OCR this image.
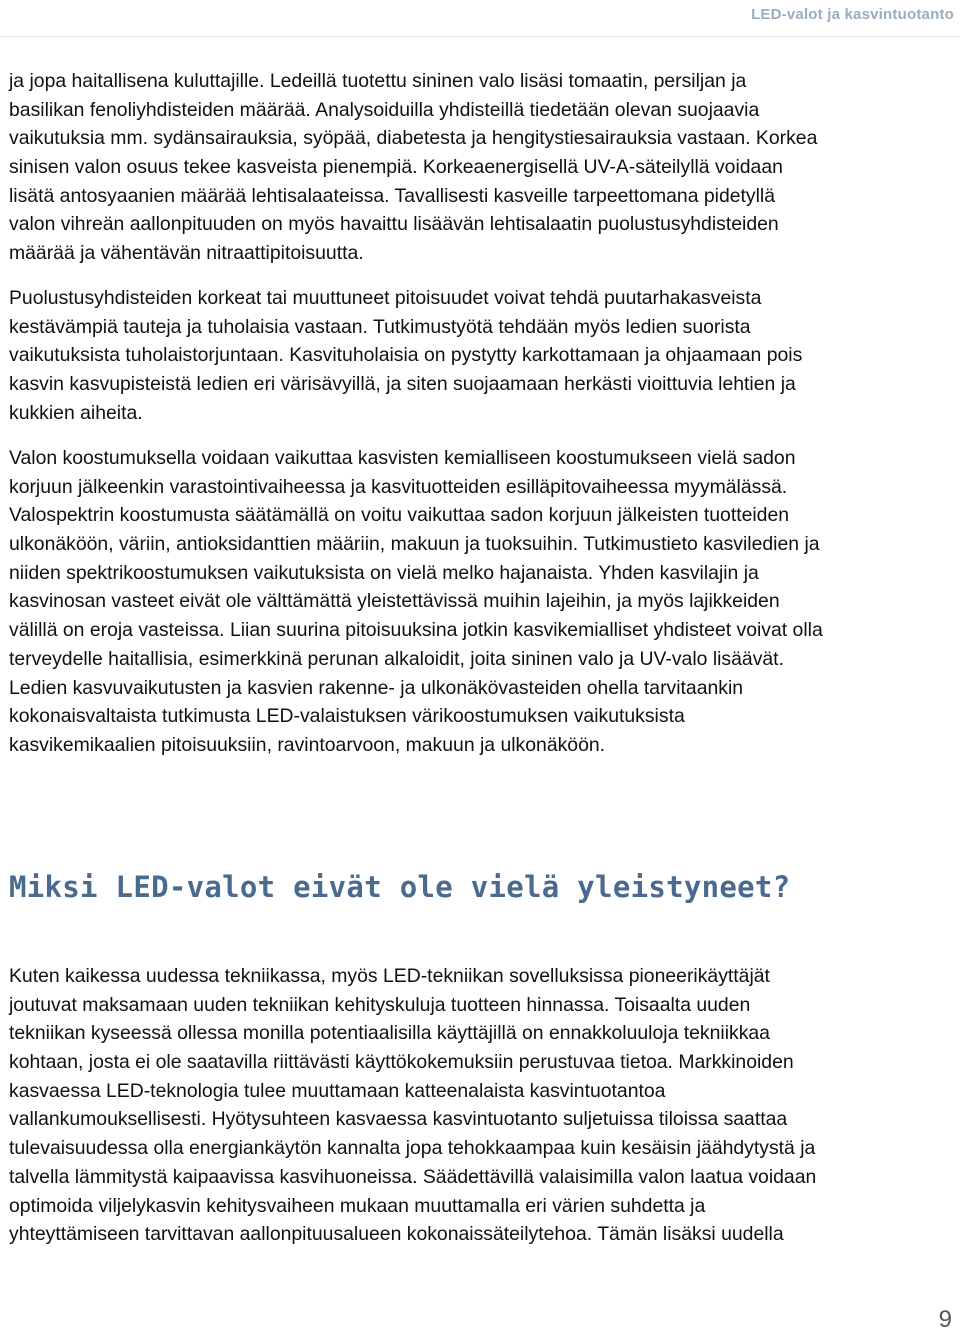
LED-valot ja kasvintuotanto

ja jopa haitallisena kuluttajille. Ledeillä tuotettu sininen valo lisäsi tomaatin, persiljan ja
basilikan fenoliyhdisteiden määrää. Analysoiduilla yhdisteillä tiedetään olevan suojaavia
vaikutuksia mm. sydänsairauksia, syöpää, diabetesta ja hengitystiesairauksia vastaan. Korkea
sinisen valon osuus tekee kasveista pienempiä. Korkeaenergisellä UV-A-säteilyllä voidaan
lisätä antosyaanien määrää lehtisalaateissa. Tavallisesti kasveille tarpeettomana pidetyllä
valon vihreän aallonpituuden on myös havaittu lisäävän lehtisalaatin puolustusyhdisteiden
määrää ja vähentävän nitraattipitoisuutta.

Puolustusyhdisteiden korkeat tai muuttuneet pitoisuudet voivat tehdä puutarhakasveista
kestävämpiä tauteja ja tuholaisia vastaan. Tutkimustyötä tehdään myös ledien suorista
vaikutuksista tuholaistorjuntaan. Kasvituholaisia on pystytty karkottamaan ja ohjaamaan pois
kasvin kasvupisteistä ledien eri värisävyillä, ja siten suojaamaan herkästi vioittuvia lehtien ja
kukkien aiheita.

Valon koostumuksella voidaan vaikuttaa kasvisten kemialliseen koostumukseen vielä sadon
korjuun jälkeenkin varastointivaiheessa ja kasvituotteiden esilläpitovaiheessa myymälässä.
Valospektrin koostumusta säätämällä on voitu vaikuttaa sadon korjuun jälkeisten tuotteiden
ulkonäköön, väriin, antioksidanttien määriin, makuun ja tuoksuihin. Tutkimustieto kasviledien ja
niiden spektrikoostumuksen vaikutuksista on vielä melko hajanaista. Yhden kasvilajin ja
kasvinosan vasteet eivät ole välttämättä yleistettävissä muihin lajeihin, ja myös lajikkeiden
välillä on eroja vasteissa. Liian suurina pitoisuuksina jotkin kasvikemialliset yhdisteet voivat olla
terveydelle haitallisia, esimerkkinä perunan alkaloidit, joita sininen valo ja UV-valo lisäävät.
Ledien kasvuvaikutusten ja kasvien rakenne- ja ulkonäkövasteiden ohella tarvitaankin
kokonaisvaltaista tutkimusta LED-valaistuksen värikoostumuksen vaikutuksista
kasvikemikaalien pitoisuuksiin, ravintoarvoon, makuun ja ulkonäköön.

Miksi LED-valot eivät ole vielä yleistyneet?

Kuten kaikessa uudessa tekniikassa, myös LED-tekniikan sovelluksissa pioneerikäyttäjät
joutuvat maksamaan uuden tekniikan kehityskuluja tuotteen hinnassa. Toisaalta uuden
tekniikan kyseessä ollessa monilla potentiaalisilla käyttäjillä on ennakkoluuloja tekniikkaa
kohtaan, josta ei ole saatavilla riittävästi käyttökokemuksiin perustuvaa tietoa. Markkinoiden
kasvaessa LED-teknologia tulee muuttamaan katteenalaista kasvintuotantoa
vallankumouksellisesti. Hyötysuhteen kasvaessa kasvintuotanto suljetuissa tiloissa saattaa
tulevaisuudessa olla energiankäytön kannalta jopa tehokkaampaa kuin kesäisin jäähdytystä ja
talvella lämmitystä kaipaavissa kasvihuoneissa. Säädettävillä valaisimilla valon laatua voidaan
optimoida viljelykasvin kehitysvaiheen mukaan muuttamalla eri värien suhdetta ja
yhteyttämiseen tarvittavan aallonpituusalueen kokonaissäteilytehoa. Tämän lisäksi uudella

9
